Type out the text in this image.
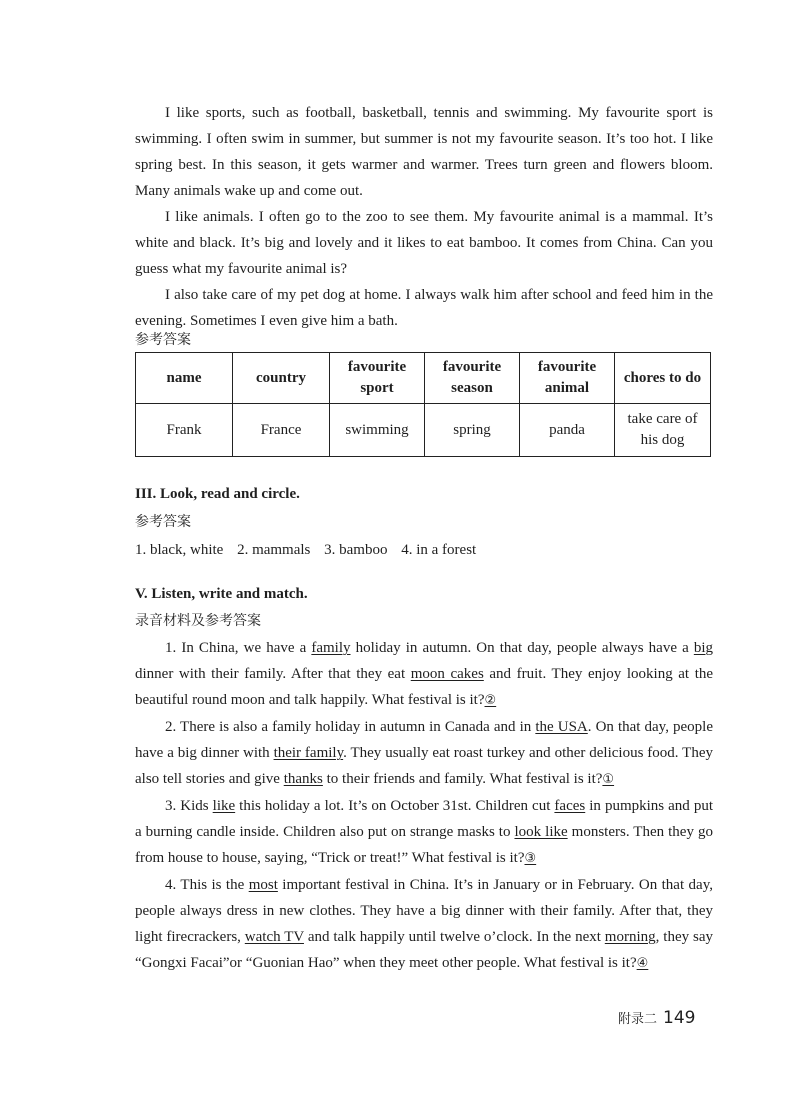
I like sports, such as football, basketball, tennis and swimming. My favourite sport is swimming. I often swim in summer, but summer is not my favourite season. It’s too hot. I like spring best. In this season, it gets warmer and warmer. Trees turn green and flowers bloom. Many animals wake up and come out.

I like animals. I often go to the zoo to see them. My favourite animal is a mammal. It’s white and black. It’s big and lovely and it likes to eat bamboo. It comes from China. Can you guess what my favourite animal is?

I also take care of my pet dog at home. I always walk him after school and feed him in the evening. Sometimes I even give him a bath.

参考答案
name	country	favourite sport	favourite season	favourite animal	chores to do
Frank	France	swimming	spring	panda	take care of his dog
III. Look, read and circle.
参考答案
1. black, white 2. mammals 3. bamboo 4. in a forest
V. Listen, write and match.
录音材料及参考答案

1. In China, we have a family holiday in autumn. On that day, people always have a big dinner with their family. After that they eat moon cakes and fruit. They enjoy looking at the beautiful round moon and talk happily. What festival is it?②

2. There is also a family holiday in autumn in Canada and in the USA. On that day, people have a big dinner with their family. They usually eat roast turkey and other delicious food. They also tell stories and give thanks to their friends and family. What festival is it?①

3. Kids like this holiday a lot. It’s on October 31st. Children cut faces in pumpkins and put a burning candle inside. Children also put on strange masks to look like monsters. Then they go from house to house, saying, “Trick or treat!” What festival is it?③

4. This is the most important festival in China. It’s in January or in February. On that day, people always dress in new clothes. They have a big dinner with their family. After that, they light firecrackers, watch TV and talk happily until twelve o’clock. In the next morning, they say “Gongxi Facai”or “Guonian Hao” when they meet other people. What festival is it?④

附录二 149
